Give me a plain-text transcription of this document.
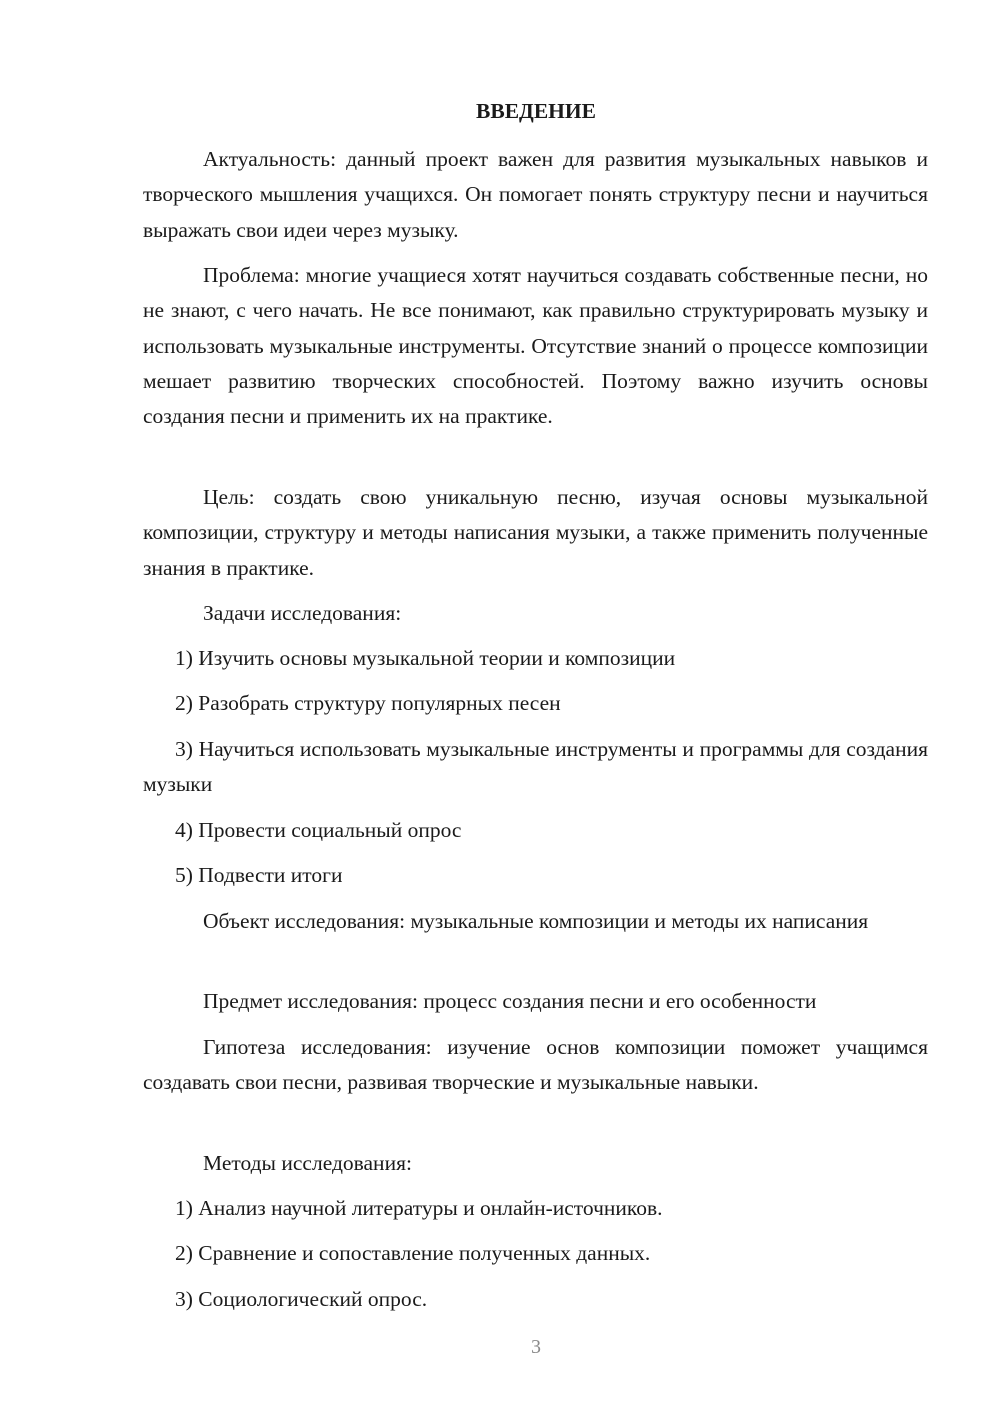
ВВЕДЕНИЕ

Актуальность: данный проект важен для развития музыкальных навыков и творческого мышления учащихся. Он помогает понять структуру песни и научиться выражать свои идеи через музыку.

Проблема: многие учащиеся хотят научиться создавать собственные песни, но не знают, с чего начать. Не все понимают, как правильно структурировать музыку и использовать музыкальные инструменты. Отсутствие знаний о процессе композиции мешает развитию творческих способностей. Поэтому важно изучить основы создания песни и применить их на практике.

Цель: создать свою уникальную песню, изучая основы музыкальной композиции, структуру и методы написания музыки, а также применить полученные знания в практике.

Задачи исследования:

1) Изучить основы музыкальной теории и композиции

2) Разобрать структуру популярных песен

3) Научиться использовать музыкальные инструменты и программы для создания музыки

4) Провести социальный опрос

5) Подвести итоги

Объект исследования: музыкальные композиции и методы их написания

Предмет исследования: процесс создания песни и его особенности

Гипотеза исследования: изучение основ композиции поможет учащимся создавать свои песни, развивая творческие и музыкальные навыки.

Методы исследования:

1) Анализ научной литературы и онлайн-источников.

2) Сравнение и сопоставление полученных данных.

3) Социологический опрос.

3
